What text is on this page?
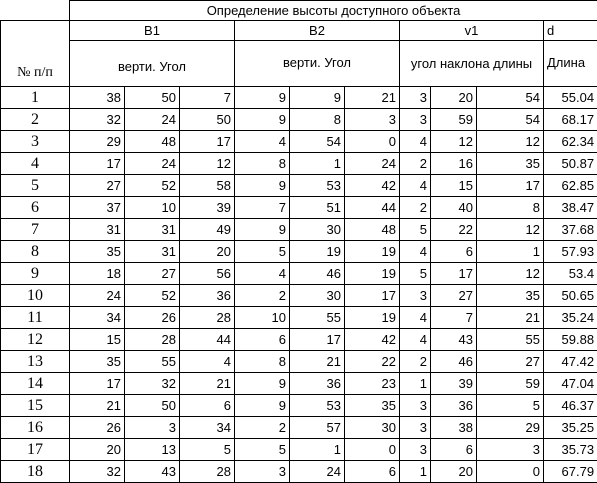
	Определение высоты доступного объекта									
№ п/п	В1			В2			v1			d
	верти. Угол			верти. Угол			угол наклона длины			Длина
1	38	50	7	9	9	21	3	20	54	55.04
2	32	24	50	9	8	3	3	59	54	68.17
3	29	48	17	4	54	0	4	12	12	62.34
4	17	24	12	8	1	24	2	16	35	50.87
5	27	52	58	9	53	42	4	15	17	62.85
6	37	10	39	7	51	44	2	40	8	38.47
7	31	31	49	9	30	48	5	22	12	37.68
8	35	31	20	5	19	19	4	6	1	57.93
9	18	27	56	4	46	19	5	17	12	53.4
10	24	52	36	2	30	17	3	27	35	50.65
11	34	26	28	10	55	19	4	7	21	35.24
12	15	28	44	6	17	42	4	43	55	59.88
13	35	55	4	8	21	22	2	46	27	47.42
14	17	32	21	9	36	23	1	39	59	47.04
15	21	50	6	9	53	35	3	36	5	46.37
16	26	3	34	2	57	30	3	38	29	35.25
17	20	13	5	5	1	0	3	6	3	35.73
18	32	43	28	3	24	6	1	20	0	67.79
